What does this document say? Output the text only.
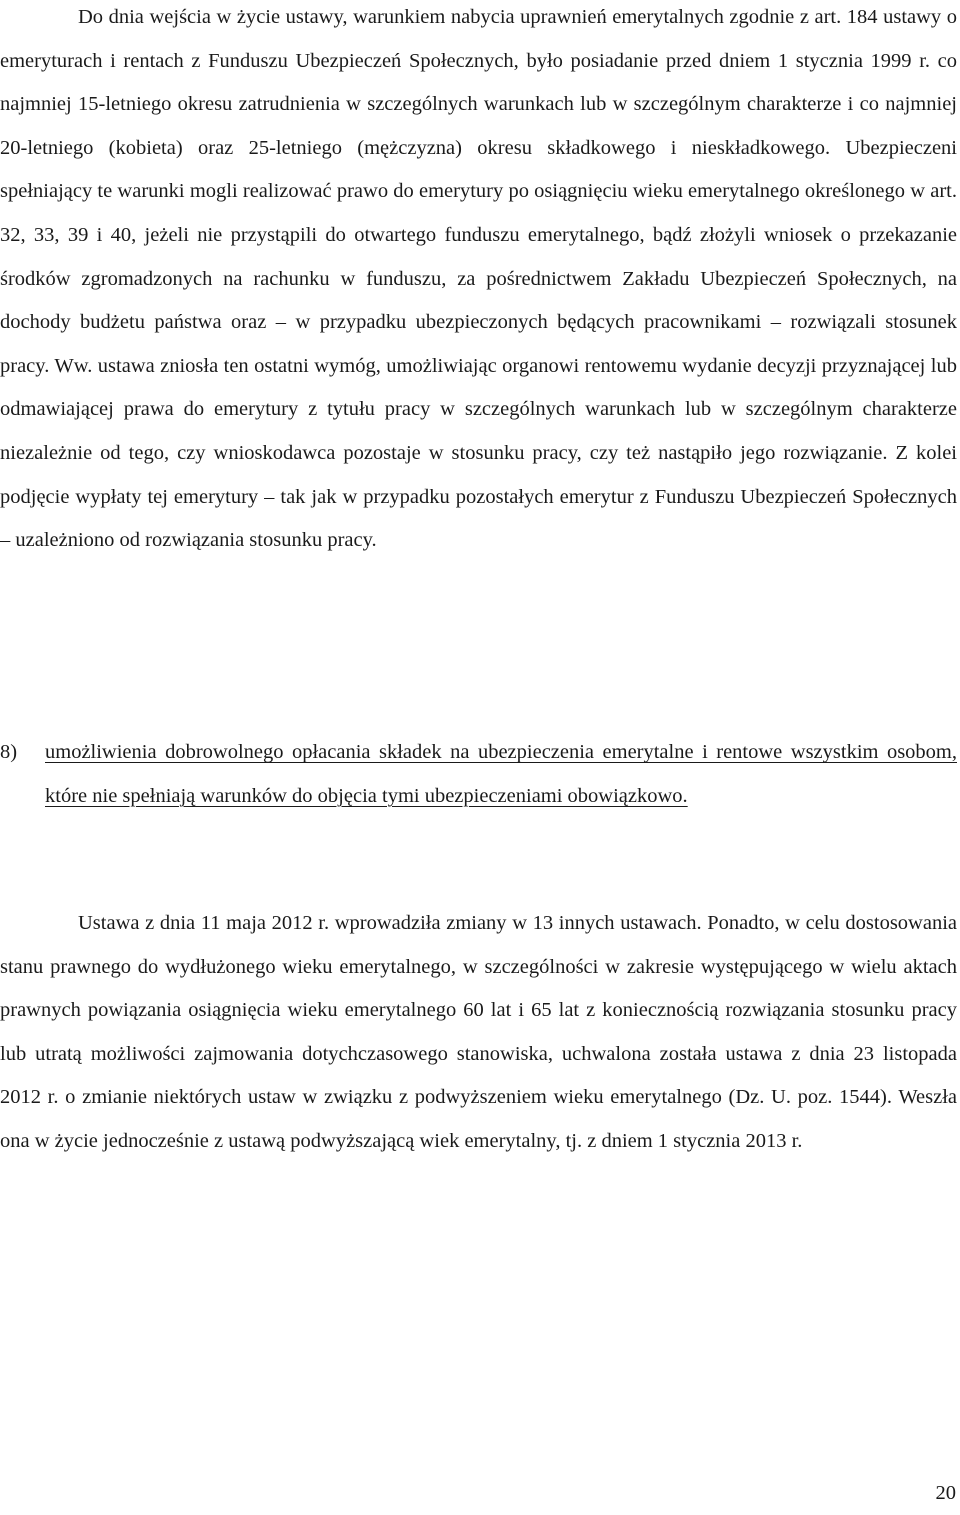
Do dnia wejścia w życie ustawy, warunkiem nabycia uprawnień emerytalnych zgodnie z art. 184 ustawy o emeryturach i rentach z Funduszu Ubezpieczeń Społecznych, było posiadanie przed dniem 1 stycznia 1999 r. co najmniej 15-letniego okresu zatrudnienia w szczególnych warunkach lub w szczególnym charakterze i co najmniej 20-letniego (kobieta) oraz 25-letniego (mężczyzna) okresu składkowego i nieskładkowego. Ubezpieczeni spełniający te warunki mogli realizować prawo do emerytury po osiągnięciu wieku emerytalnego określonego w art. 32, 33, 39 i 40, jeżeli nie przystąpili do otwartego funduszu emerytalnego, bądź złożyli wniosek o przekazanie środków zgromadzonych na rachunku w funduszu, za pośrednictwem Zakładu Ubezpieczeń Społecznych, na dochody budżetu państwa oraz – w przypadku ubezpieczonych będących pracownikami – rozwiązali stosunek pracy. Ww. ustawa zniosła ten ostatni wymóg, umożliwiając organowi rentowemu wydanie decyzji przyznającej lub odmawiającej prawa do emerytury z tytułu pracy w szczególnych warunkach lub w szczególnym charakterze niezależnie od tego, czy wnioskodawca pozostaje w stosunku pracy, czy też nastąpiło jego rozwiązanie. Z kolei podjęcie wypłaty tej emerytury – tak jak w przypadku pozostałych emerytur z Funduszu Ubezpieczeń Społecznych – uzależniono od rozwiązania stosunku pracy.

8) umożliwienia dobrowolnego opłacania składek na ubezpieczenia emerytalne i rentowe wszystkim osobom, które nie spełniają warunków do objęcia tymi ubezpieczeniami obowiązkowo.

Ustawa z dnia 11 maja 2012 r. wprowadziła zmiany w 13 innych ustawach. Ponadto, w celu dostosowania stanu prawnego do wydłużonego wieku emerytalnego, w szczególności w zakresie występującego w wielu aktach prawnych powiązania osiągnięcia wieku emerytalnego 60 lat i 65 lat z koniecznością rozwiązania stosunku pracy lub utratą możliwości zajmowania dotychczasowego stanowiska, uchwalona została ustawa z dnia 23 listopada 2012 r. o zmianie niektórych ustaw w związku z podwyższeniem wieku emerytalnego (Dz. U. poz. 1544). Weszła ona w życie jednocześnie z ustawą podwyższającą wiek emerytalny, tj. z dniem 1 stycznia 2013 r.

20
